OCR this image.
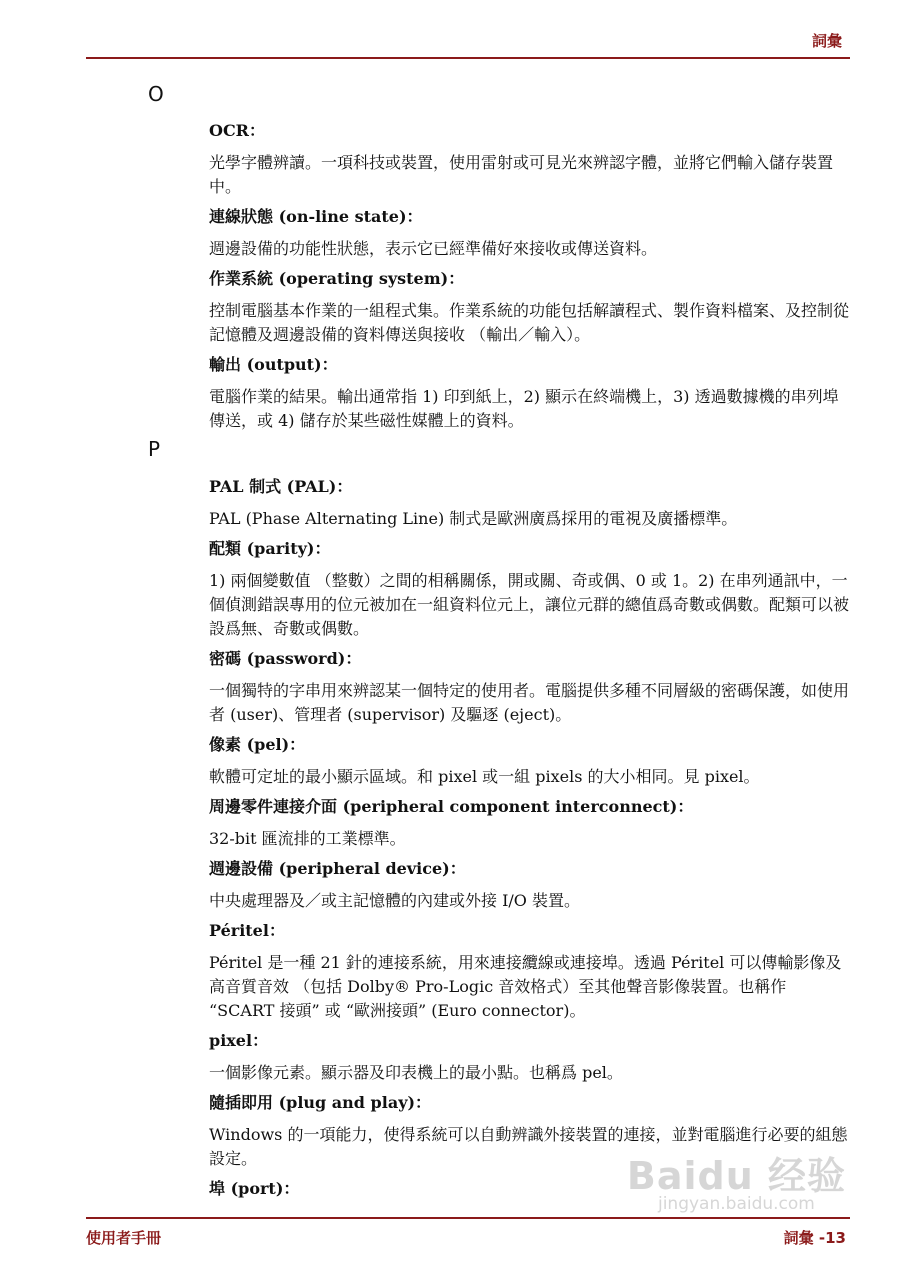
詞彙
O
OCR：
光學字體辨讀。一項科技或裝置，使用雷射或可見光來辨認字體，並將它們輸入儲存裝置中。
連線狀態 (on-line state)：
週邊設備的功能性狀態，表示它已經準備好來接收或傳送資料。
作業系統 (operating system)：
控制電腦基本作業的一組程式集。作業系統的功能包括解讀程式、製作資料檔案、及控制從記憶體及週邊設備的資料傳送與接收 （輸出／輸入）。
輸出 (output)：
電腦作業的結果。輸出通常指 1) 印到紙上，2) 顯示在終端機上，3) 透過數據機的串列埠傳送，或 4) 儲存於某些磁性媒體上的資料。
P
PAL 制式 (PAL)：
PAL (Phase Alternating Line) 制式是歐洲廣爲採用的電視及廣播標準。
配類 (parity)：
1) 兩個變數值 （整數）之間的相稱關係，開或關、奇或偶、0 或 1。2) 在串列通訊中，一個偵測錯誤專用的位元被加在一組資料位元上，讓位元群的總值爲奇數或偶數。配類可以被設爲無、奇數或偶數。
密碼 (password)：
一個獨特的字串用來辨認某一個特定的使用者。電腦提供多種不同層級的密碼保護，如使用者 (user)、管理者 (supervisor) 及驅逐 (eject)。
像素 (pel)：
軟體可定址的最小顯示區域。和 pixel 或一組 pixels 的大小相同。見 pixel。
周邊零件連接介面 (peripheral component interconnect)：
32-bit 匯流排的工業標準。
週邊設備 (peripheral device)：
中央處理器及／或主記憶體的內建或外接 I/O 裝置。
Péritel：
Péritel 是一種 21 針的連接系統，用來連接纜線或連接埠。透過 Péritel 可以傳輸影像及高音質音效 （包括 Dolby® Pro-Logic 音效格式）至其他聲音影像裝置。也稱作 “SCART 接頭” 或 “歐洲接頭” (Euro connector)。
pixel：
一個影像元素。顯示器及印表機上的最小點。也稱爲 pel。
隨插即用 (plug and play)：
Windows 的一項能力，使得系統可以自動辨識外接裝置的連接，並對電腦進行必要的組態設定。
埠 (port)：	Baidu 经验
jingyan.baidu.com
使用者手冊	詞彙 -13
